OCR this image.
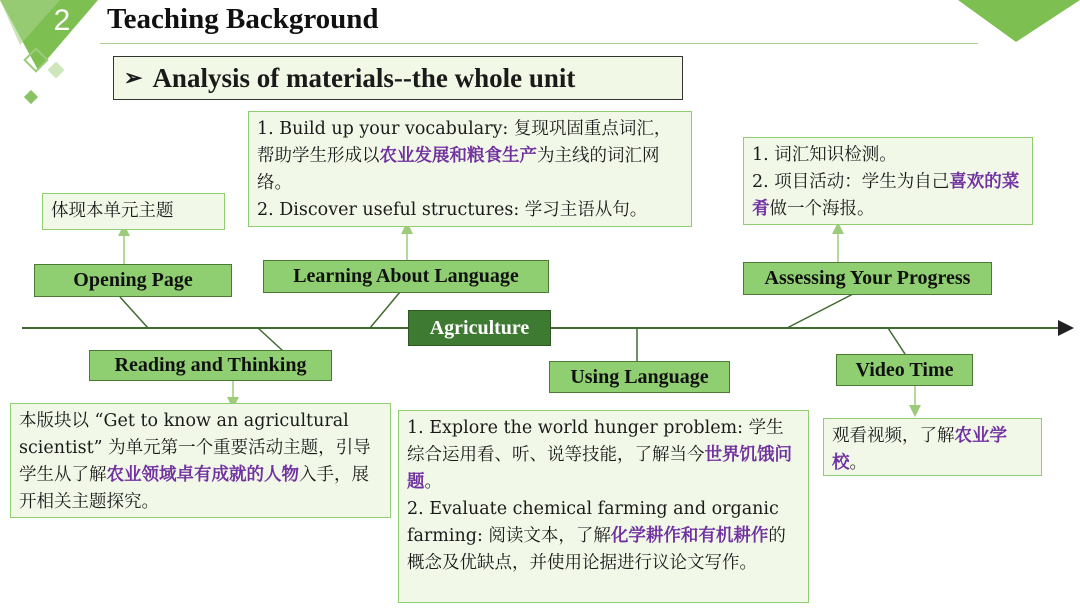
2 Teaching Background
➢ Analysis of materials--the whole unit
Agriculture
Opening Page	Learning About Language	Assessing Your Progress
Reading and Thinking
Using Language	Video Time

体现本单元主题

1. Build up your vocabulary: 复现巩固重点词汇，帮助学生形成以农业发展和粮食生产为主线的词汇网络。

2. Discover useful structures: 学习主语从句。

1. 词汇知识检测。

2. 项目活动：学生为自己喜欢的菜肴做一个海报。

本版块以 “Get to know an agricultural scientist” 为单元第一个重要活动主题，引导学生从了解农业领域卓有成就的人物入手，展开相关主题探究。

1. Explore the world hunger problem: 学生综合运用看、听、说等技能，了解当今世界饥饿问题。

2. Evaluate chemical farming and organic farming: 阅读文本，了解化学耕作和有机耕作的概念及优缺点，并使用论据进行议论文写作。

观看视频，了解农业学校。
